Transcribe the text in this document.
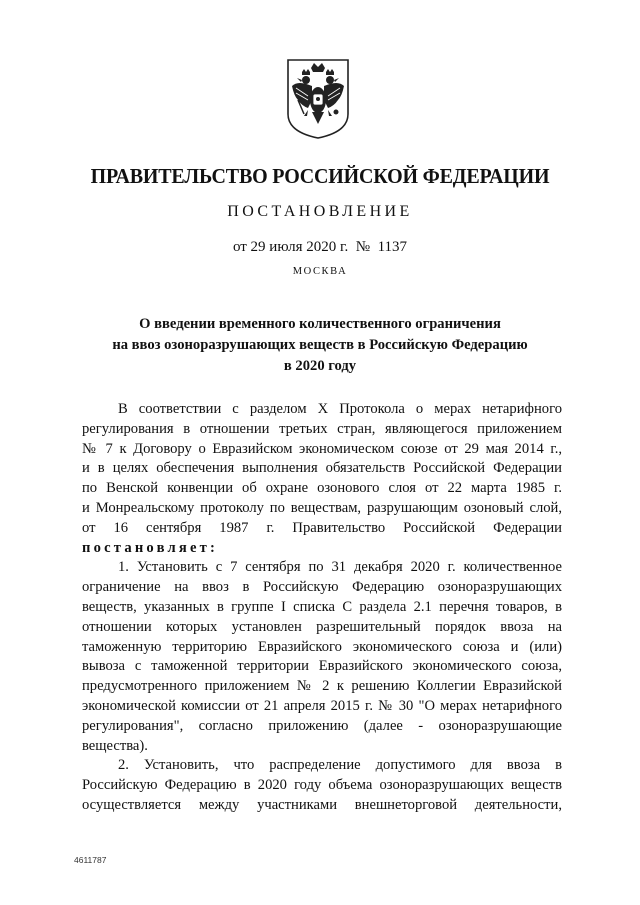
ПРАВИТЕЛЬСТВО РОССИЙСКОЙ ФЕДЕРАЦИИ
ПОСТАНОВЛЕНИЕ
от 29 июля 2020 г.  №  1137
МОСКВА
О введении временного количественного ограничения
на ввоз озоноразрушающих веществ в Российскую Федерацию
в 2020 году
В соответствии с разделом X Протокола о мерах нетарифного
регулирования в отношении третьих стран, являющегося приложением
№ 7 к Договору о Евразийском экономическом союзе от 29 мая 2014 г.,
и в целях обеспечения выполнения обязательств Российской Федерации
по Венской конвенции об охране озонового слоя от 22 марта 1985 г.
и Монреальскому протоколу по веществам, разрушающим озоновый слой,
от 16 сентября 1987 г. Правительство Российской Федерации
постановляет:
1. Установить с 7 сентября по 31 декабря 2020 г. количественное
ограничение на ввоз в Российскую Федерацию озоноразрушающих
веществ, указанных в группе I списка С раздела 2.1 перечня товаров, в
отношении которых установлен разрешительный порядок ввоза на
таможенную территорию Евразийского экономического союза и (или)
вывоза с таможенной территории Евразийского экономического союза,
предусмотренного приложением № 2 к решению Коллегии Евразийской
экономической комиссии от 21 апреля 2015 г. № 30 "О мерах нетарифного
регулирования", согласно приложению (далее - озоноразрушающие
вещества).
2. Установить, что распределение допустимого для ввоза в
Российскую Федерацию в 2020 году объема озоноразрушающих веществ
осуществляется между участниками внешнеторговой деятельности,
4611787
